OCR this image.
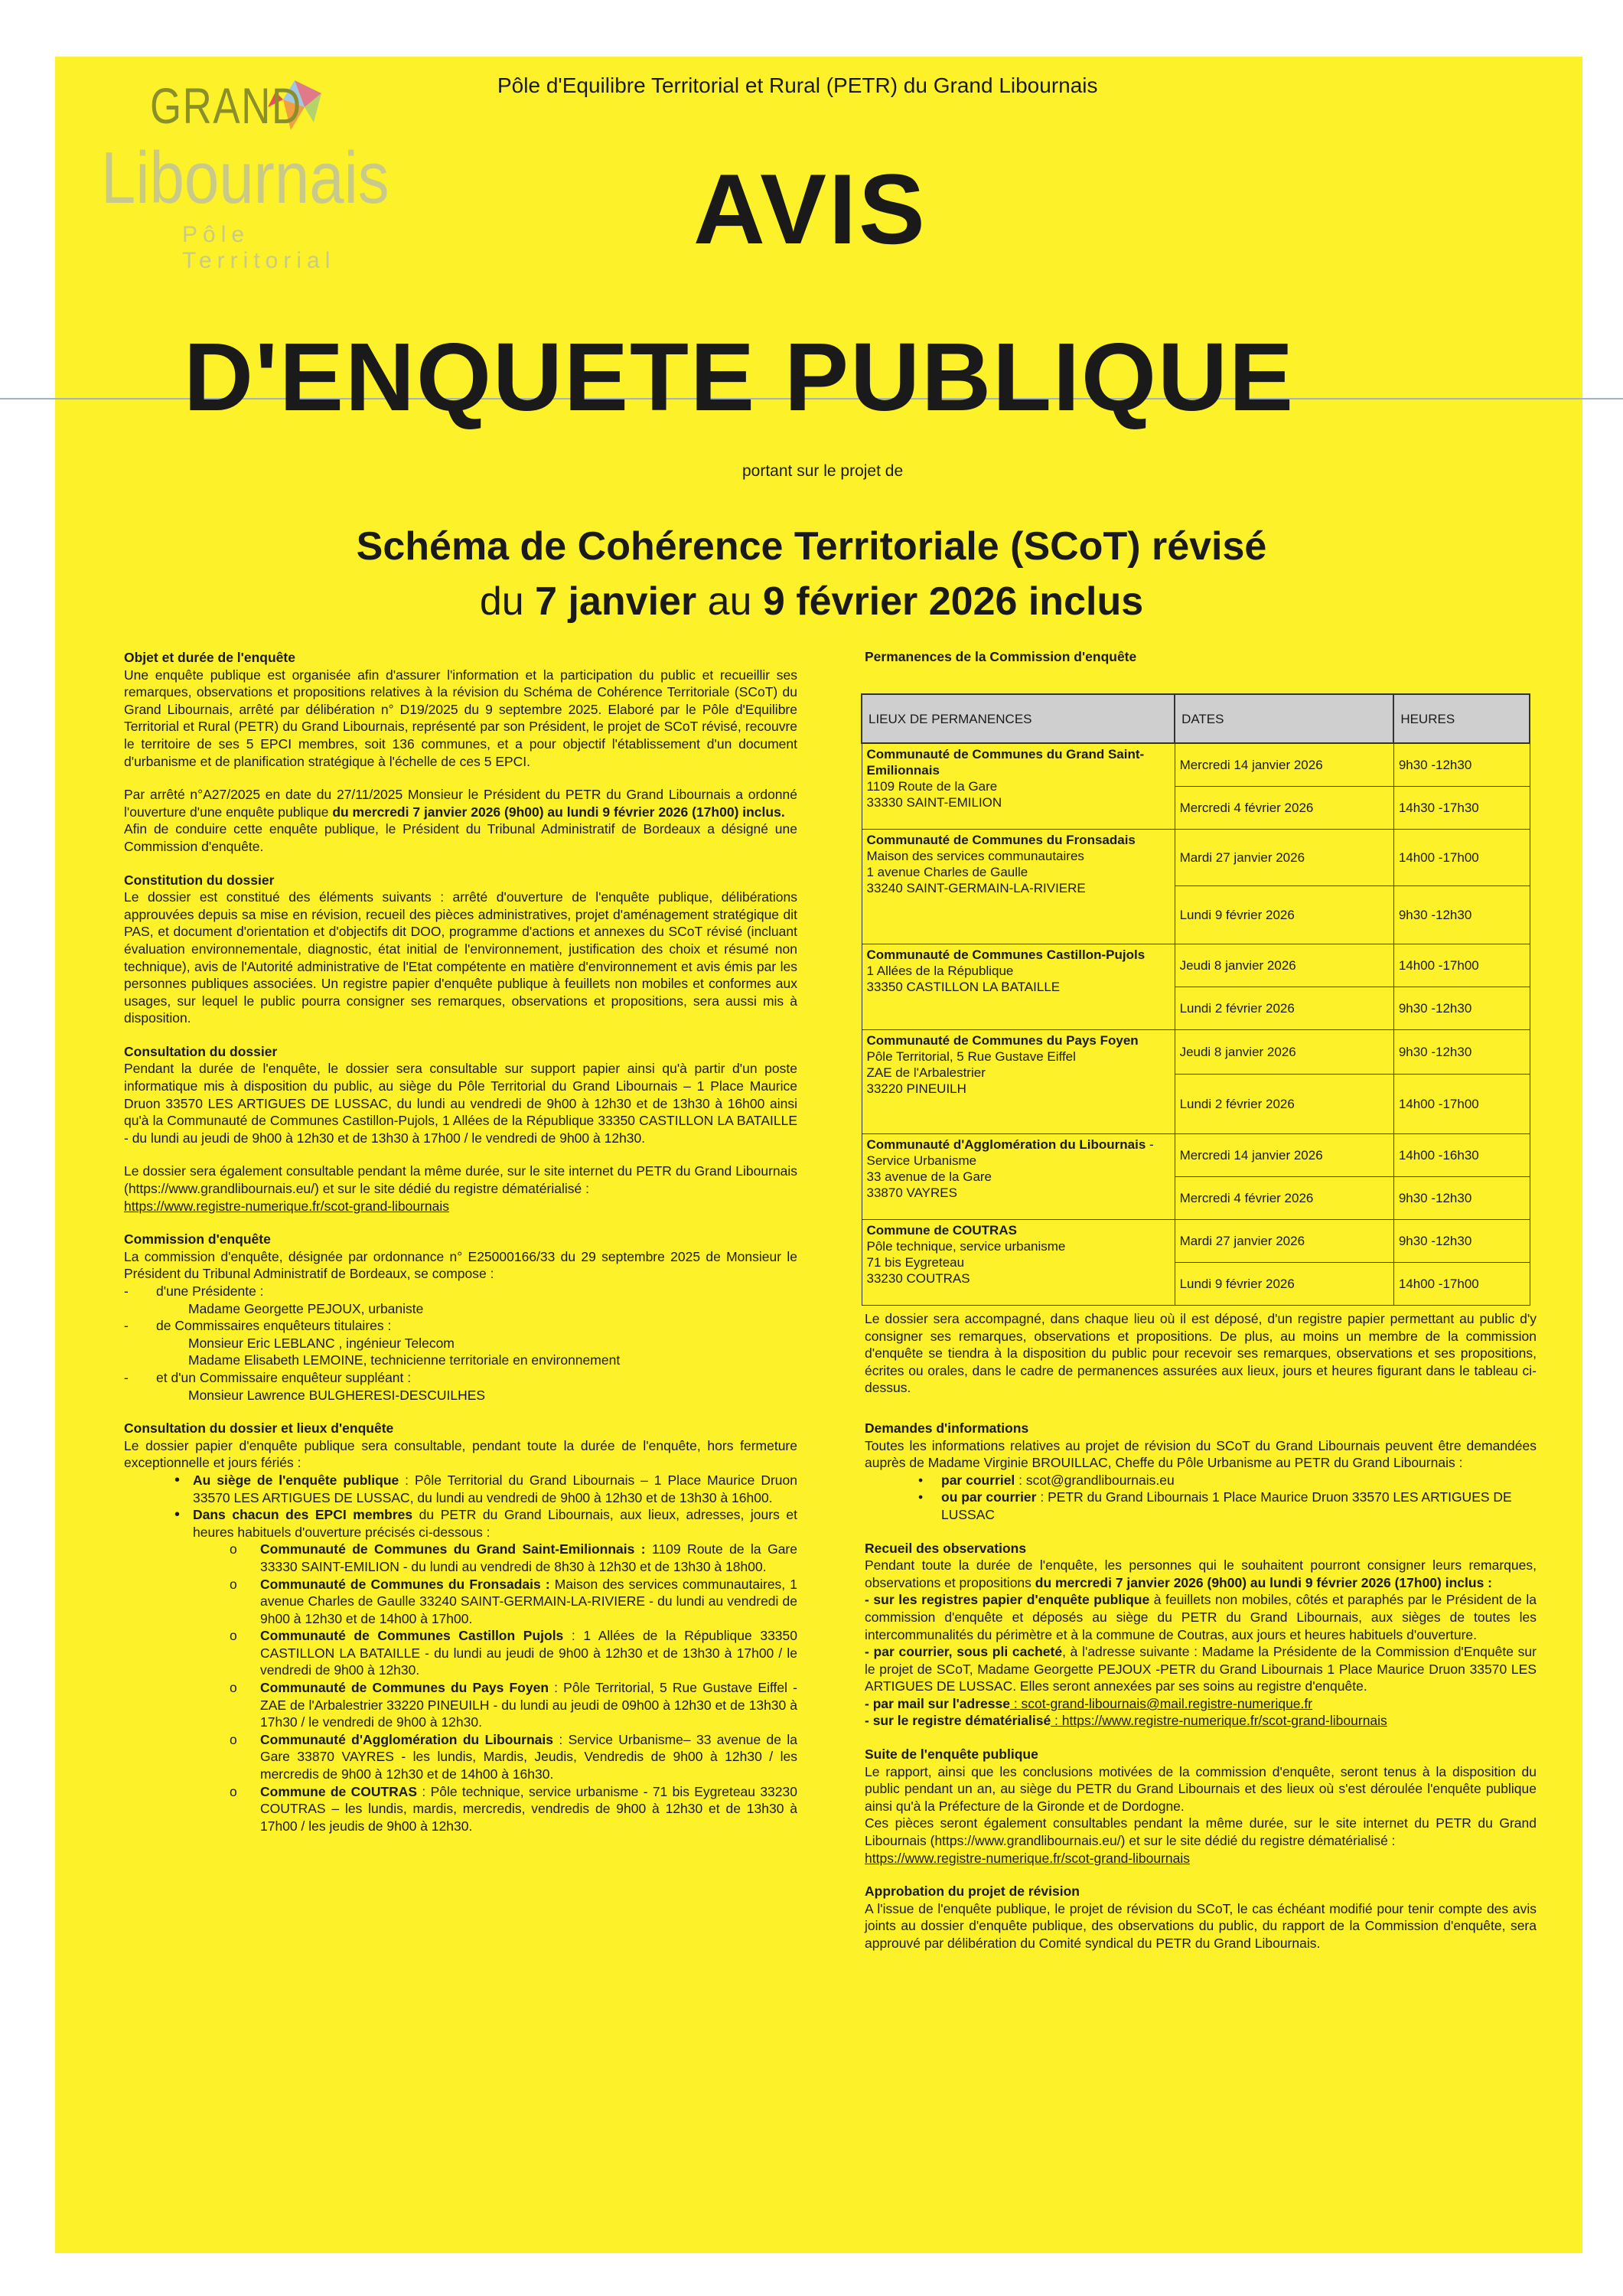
GRAND
Libournais
Pôle Territorial
Pôle d'Equilibre Territorial et Rural (PETR) du Grand Libournais
AVIS
D'ENQUETE PUBLIQUE
portant sur le projet de
Schéma de Cohérence Territoriale (SCoT) révisé
du 7 janvier au 9 février 2026 inclus

Objet et durée de l'enquête

Une enquête publique est organisée afin d'assurer l'information et la participation du public et recueillir ses remarques, observations et propositions relatives à la révision du Schéma de Cohérence Territoriale (SCoT) du Grand Libournais, arrêté par délibération n° D19/2025 du 9 septembre 2025. Elaboré par le Pôle d'Equilibre Territorial et Rural (PETR) du Grand Libournais, représenté par son Président, le projet de SCoT révisé, recouvre le territoire de ses 5 EPCI membres, soit 136 communes, et a pour objectif l'établissement d'un document d'urbanisme et de planification stratégique à l'échelle de ces 5 EPCI.

Par arrêté n°A27/2025 en date du 27/11/2025 Monsieur le Président du PETR du Grand Libournais a ordonné l'ouverture d'une enquête publique du mercredi 7 janvier 2026 (9h00) au lundi 9 février 2026 (17h00) inclus.

Afin de conduire cette enquête publique, le Président du Tribunal Administratif de Bordeaux a désigné une Commission d'enquête.

Constitution du dossier

Le dossier est constitué des éléments suivants : arrêté d'ouverture de l'enquête publique, délibérations approuvées depuis sa mise en révision, recueil des pièces administratives, projet d'aménagement stratégique dit PAS, et document d'orientation et d'objectifs dit DOO, programme d'actions et annexes du SCoT révisé (incluant évaluation environnementale, diagnostic, état initial de l'environnement, justification des choix et résumé non technique), avis de l'Autorité administrative de l'Etat compétente en matière d'environnement et avis émis par les personnes publiques associées. Un registre papier d'enquête publique à feuillets non mobiles et conformes aux usages, sur lequel le public pourra consigner ses remarques, observations et propositions, sera aussi mis à disposition.

Consultation du dossier

Pendant la durée de l'enquête, le dossier sera consultable sur support papier ainsi qu'à partir d'un poste informatique mis à disposition du public, au siège du Pôle Territorial du Grand Libournais – 1 Place Maurice Druon 33570 LES ARTIGUES DE LUSSAC, du lundi au vendredi de 9h00 à 12h30 et de 13h30 à 16h00 ainsi qu'à la Communauté de Communes Castillon-Pujols, 1 Allées de la République 33350 CASTILLON LA BATAILLE - du lundi au jeudi de 9h00 à 12h30 et de 13h30 à 17h00 / le vendredi de 9h00 à 12h30.

Le dossier sera également consultable pendant la même durée, sur le site internet du PETR du Grand Libournais (https://www.grandlibournais.eu/) et sur le site dédié du registre dématérialisé :
https://www.registre-numerique.fr/scot-grand-libournais

Commission d'enquête

La commission d'enquête, désignée par ordonnance n° E25000166/33 du 29 septembre 2025 de Monsieur le Président du Tribunal Administratif de Bordeaux, se compose :

- d'une Présidente :
Madame Georgette PEJOUX, urbaniste
- de Commissaires enquêteurs titulaires :
Monsieur Eric LEBLANC , ingénieur Telecom
Madame Elisabeth LEMOINE, technicienne territoriale en environnement
- et d'un Commissaire enquêteur suppléant :
Monsieur Lawrence BULGHERESI-DESCUILHES

Consultation du dossier et lieux d'enquête

Le dossier papier d'enquête publique sera consultable, pendant toute la durée de l'enquête, hors fermeture exceptionnelle et jours fériés :

• Au siège de l'enquête publique : Pôle Territorial du Grand Libournais – 1 Place Maurice Druon 33570 LES ARTIGUES DE LUSSAC, du lundi au vendredi de 9h00 à 12h30 et de 13h30 à 16h00.
• Dans chacun des EPCI membres du PETR du Grand Libournais, aux lieux, adresses, jours et heures habituels d'ouverture précisés ci-dessous :
o Communauté de Communes du Grand Saint-Emilionnais : 1109 Route de la Gare 33330 SAINT-EMILION - du lundi au vendredi de 8h30 à 12h30 et de 13h30 à 18h00.
o Communauté de Communes du Fronsadais : Maison des services communautaires, 1 avenue Charles de Gaulle 33240 SAINT-GERMAIN-LA-RIVIERE - du lundi au vendredi de 9h00 à 12h30 et de 14h00 à 17h00.
o Communauté de Communes Castillon Pujols : 1 Allées de la République 33350 CASTILLON LA BATAILLE - du lundi au jeudi de 9h00 à 12h30 et de 13h30 à 17h00 / le vendredi de 9h00 à 12h30.
o Communauté de Communes du Pays Foyen : Pôle Territorial, 5 Rue Gustave Eiffel - ZAE de l'Arbalestrier 33220 PINEUILH - du lundi au jeudi de 09h00 à 12h30 et de 13h30 à 17h30 / le vendredi de 9h00 à 12h30.
o Communauté d'Agglomération du Libournais : Service Urbanisme– 33 avenue de la Gare 33870 VAYRES - les lundis, Mardis, Jeudis, Vendredis de 9h00 à 12h30 / les mercredis de 9h00 à 12h30 et de 14h00 à 16h30.
o Commune de COUTRAS : Pôle technique, service urbanisme - 71 bis Eygreteau 33230 COUTRAS – les lundis, mardis, mercredis, vendredis de 9h00 à 12h30 et de 13h30 à 17h00 / les jeudis de 9h00 à 12h30.
Permanences de la Commission d'enquête
LIEUX DE PERMANENCES	DATES	HEURES
Communauté de Communes du Grand Saint-Emilionnais
1109 Route de la Gare
33330 SAINT-EMILION	Mercredi 14 janvier 2026	9h30 -12h30
	Mercredi 4 février 2026	14h30 -17h30
Communauté de Communes du Fronsadais
Maison des services communautaires
1 avenue Charles de Gaulle
33240 SAINT-GERMAIN-LA-RIVIERE	Mardi 27 janvier 2026	14h00 -17h00
	Lundi 9 février 2026	9h30 -12h30
Communauté de Communes Castillon-Pujols
1 Allées de la République
33350 CASTILLON LA BATAILLE	Jeudi 8 janvier 2026	14h00 -17h00
	Lundi 2 février 2026	9h30 -12h30
Communauté de Communes du Pays Foyen
Pôle Territorial, 5 Rue Gustave Eiffel
ZAE de l'Arbalestrier
33220 PINEUILH	Jeudi 8 janvier 2026	9h30 -12h30
	Lundi 2 février 2026	14h00 -17h00
Communauté d'Agglomération du Libournais - Service Urbanisme
33 avenue de la Gare
33870 VAYRES	Mercredi 14 janvier 2026	14h00 -16h30
	Mercredi 4 février 2026	9h30 -12h30
Commune de COUTRAS
Pôle technique, service urbanisme
71 bis Eygreteau
33230 COUTRAS	Mardi 27 janvier 2026	9h30 -12h30
	Lundi 9 février 2026	14h00 -17h00

Le dossier sera accompagné, dans chaque lieu où il est déposé, d'un registre papier permettant au public d'y consigner ses remarques, observations et propositions. De plus, au moins un membre de la commission d'enquête se tiendra à la disposition du public pour recevoir ses remarques, observations et ses propositions, écrites ou orales, dans le cadre de permanences assurées aux lieux, jours et heures figurant dans le tableau ci-dessus.

Demandes d'informations

Toutes les informations relatives au projet de révision du SCoT du Grand Libournais peuvent être demandées auprès de Madame Virginie BROUILLAC, Cheffe du Pôle Urbanisme au PETR du Grand Libournais :

• par courriel : scot@grandlibournais.eu
• ou par courrier : PETR du Grand Libournais 1 Place Maurice Druon 33570 LES ARTIGUES DE LUSSAC

Recueil des observations

Pendant toute la durée de l'enquête, les personnes qui le souhaitent pourront consigner leurs remarques, observations et propositions du mercredi 7 janvier 2026 (9h00) au lundi 9 février 2026 (17h00) inclus :

- sur les registres papier d'enquête publique à feuillets non mobiles, côtés et paraphés par le Président de la commission d'enquête et déposés au siège du PETR du Grand Libournais, aux sièges de toutes les intercommunalités du périmètre et à la commune de Coutras, aux jours et heures habituels d'ouverture.

- par courrier, sous pli cacheté, à l'adresse suivante : Madame la Présidente de la Commission d'Enquête sur le projet de SCoT, Madame Georgette PEJOUX -PETR du Grand Libournais 1 Place Maurice Druon 33570 LES ARTIGUES DE LUSSAC. Elles seront annexées par ses soins au registre d'enquête.

- par mail sur l'adresse : scot-grand-libournais@mail.registre-numerique.fr

- sur le registre dématérialisé : https://www.registre-numerique.fr/scot-grand-libournais

Suite de l'enquête publique

Le rapport, ainsi que les conclusions motivées de la commission d'enquête, seront tenus à la disposition du public pendant un an, au siège du PETR du Grand Libournais et des lieux où s'est déroulée l'enquête publique ainsi qu'à la Préfecture de la Gironde et de Dordogne.

Ces pièces seront également consultables pendant la même durée, sur le site internet du PETR du Grand Libournais (https://www.grandlibournais.eu/) et sur le site dédié du registre dématérialisé :
https://www.registre-numerique.fr/scot-grand-libournais

Approbation du projet de révision

A l'issue de l'enquête publique, le projet de révision du SCoT, le cas échéant modifié pour tenir compte des avis joints au dossier d'enquête publique, des observations du public, du rapport de la Commission d'enquête, sera approuvé par délibération du Comité syndical du PETR du Grand Libournais.
